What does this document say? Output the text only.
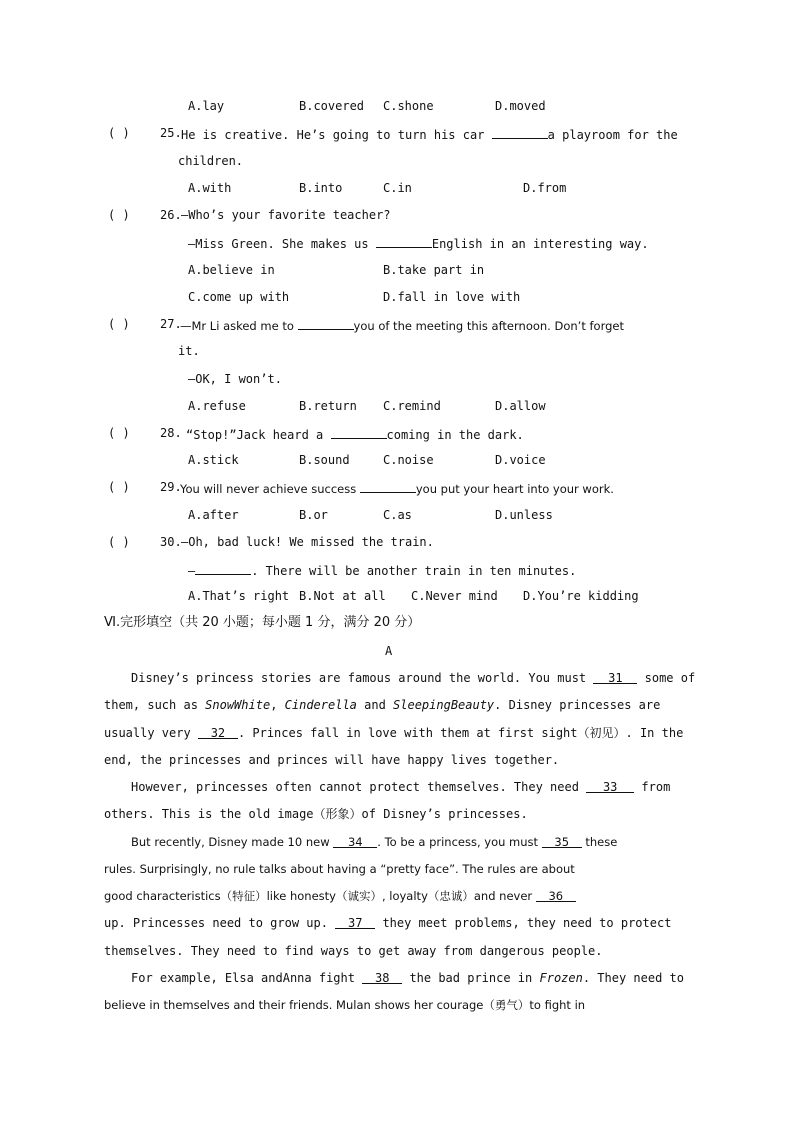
A.lay	B.covered C.shone	D.moved
( )	25. He is creative. He’s going to turn his car	a playroom for the
children.
A.with	B.into	C.in	D.from
( )	26. —Who’s your favorite teacher?
—Miss Green. She makes us	English in an interesting way.
A.believe in	B.take part in
C.come up with	D.fall in love with
( )	27.
—Mr Li asked me to	you of the meeting this afternoon. Don’t forget
it.
—OK, I won’t.
A.refuse	B.return C.remind	D.allow
( )	28. “Stop!”Jack heard a	coming in the dark.
A.stick	B.sound	C.noise	D.voice
( )	29.
You will never achieve success	you put your heart into your work.
A.after	B.or	C.as	D.unless
( )	30. —Oh, bad luck! We missed the train.
—	. There will be another train in ten minutes.
A.That’s right B.Not at all C.Never mind D.You’re kidding
Ⅵ.完形填空（共 20 小题；每小题 1 分，满分 20 分）
A
Disney’s princess stories are famous around the world. You must 31 some of
them, such as SnowWhite, Cinderella and SleepingBeauty. Disney princesses are
usually very 32 . Princes fall in love with them at first sight（初见）. In the
end, the princesses and princes will have happy lives together.
However, princesses often cannot protect themselves. They need 33 from
others. This is the old image（形象）of Disney’s princesses.
But recently, Disney made 10 new 34 . To be a princess, you must 35 these
rules. Surprisingly, no rule talks about having a “pretty face”. The rules are about
good characteristics（特征）like honesty（诚实）, loyalty（忠诚）and never 36
up. Princesses need to grow up. 37 they meet problems, they need to protect
themselves. They need to find ways to get away from dangerous people.
For example, Elsa andAnna fight 38 the bad prince in Frozen. They need to
believe in themselves and their friends. Mulan shows her courage（勇气）to fight in
